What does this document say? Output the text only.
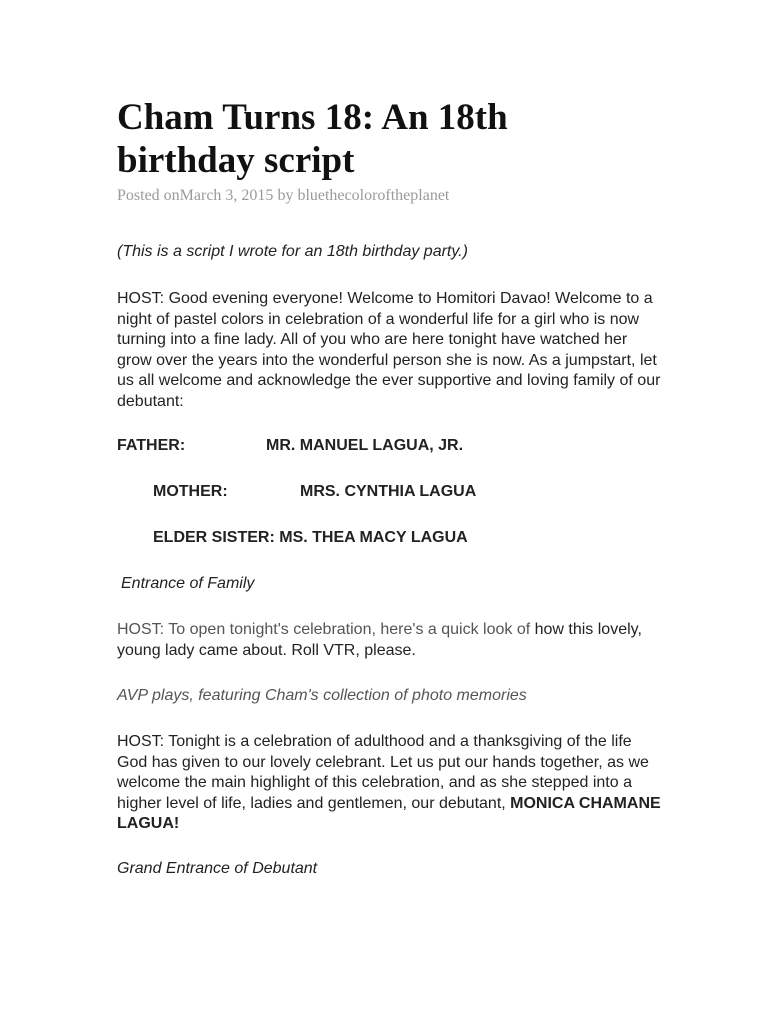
Cham Turns 18: An 18th
birthday script
Posted onMarch 3, 2015 by bluethecoloroftheplanet

(This is a script I wrote for an 18th birthday party.)

HOST: Good evening everyone! Welcome to Homitori Davao! Welcome to a night of pastel colors in celebration of a wonderful life for a girl who is now turning into a fine lady. All of you who are here tonight have watched her grow over the years into the wonderful person she is now. As a jumpstart, let us all welcome and acknowledge the ever supportive and loving family of our debutant:

FATHER:	MR. MANUEL LAGUA, JR.
MOTHER:	MRS. CYNTHIA LAGUA
ELDER SISTER: MS. THEA MACY LAGUA

Entrance of Family

HOST: To open tonight's celebration, here's a quick look of how this lovely, young lady came about. Roll VTR, please.

AVP plays, featuring Cham's collection of photo memories

HOST: Tonight is a celebration of adulthood and a thanksgiving of the life God has given to our lovely celebrant. Let us put our hands together, as we welcome the main highlight of this celebration, and as she stepped into a higher level of life, ladies and gentlemen, our debutant, MONICA CHAMANE LAGUA!

Grand Entrance of Debutant
